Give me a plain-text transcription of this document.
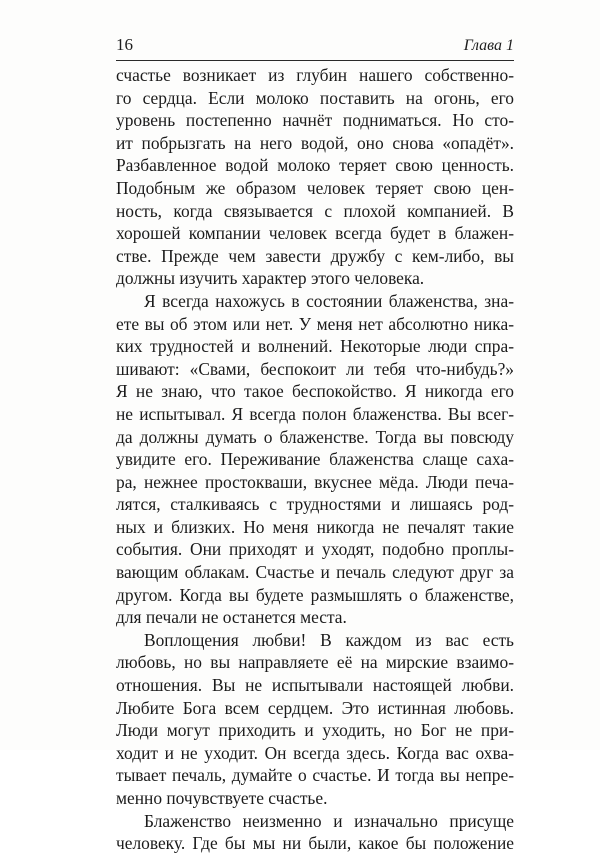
16	Глава 1
счастье возникает из глубин нашего собственно-
го сердца. Если молоко поставить на огонь, его
уровень постепенно начнёт подниматься. Но сто-
ит побрызгать на него водой, оно снова «опадёт».
Разбавленное водой молоко теряет свою ценность.
Подобным же образом человек теряет свою цен-
ность, когда связывается с плохой компанией. В
хорошей компании человек всегда будет в блажен-
стве. Прежде чем завести дружбу с кем-либо, вы
должны изучить характер этого человека.
Я всегда нахожусь в состоянии блаженства, зна-
ете вы об этом или нет. У меня нет абсолютно ника-
ких трудностей и волнений. Некоторые люди спра-
шивают: «Свами, беспокоит ли тебя что-нибудь?»
Я не знаю, что такое беспокойство. Я никогда его
не испытывал. Я всегда полон блаженства. Вы всег-
да должны думать о блаженстве. Тогда вы повсюду
увидите его. Переживание блаженства слаще саха-
ра, нежнее простокваши, вкуснее мёда. Люди печа-
лятся, сталкиваясь с трудностями и лишаясь род-
ных и близких. Но меня никогда не печалят такие
события. Они приходят и уходят, подобно проплы-
вающим облакам. Счастье и печаль следуют друг за
другом. Когда вы будете размышлять о блаженстве,
для печали не останется места.
Воплощения любви! В каждом из вас есть
любовь, но вы направляете её на мирские взаимо-
отношения. Вы не испытывали настоящей любви.
Любите Бога всем сердцем. Это истинная любовь.
Люди могут приходить и уходить, но Бог не при-
ходит и не уходит. Он всегда здесь. Когда вас охва-
тывает печаль, думайте о счастье. И тогда вы непре-
менно почувствуете счастье.
Блаженство неизменно и изначально присуще
человеку. Где бы мы ни были, какое бы положение
